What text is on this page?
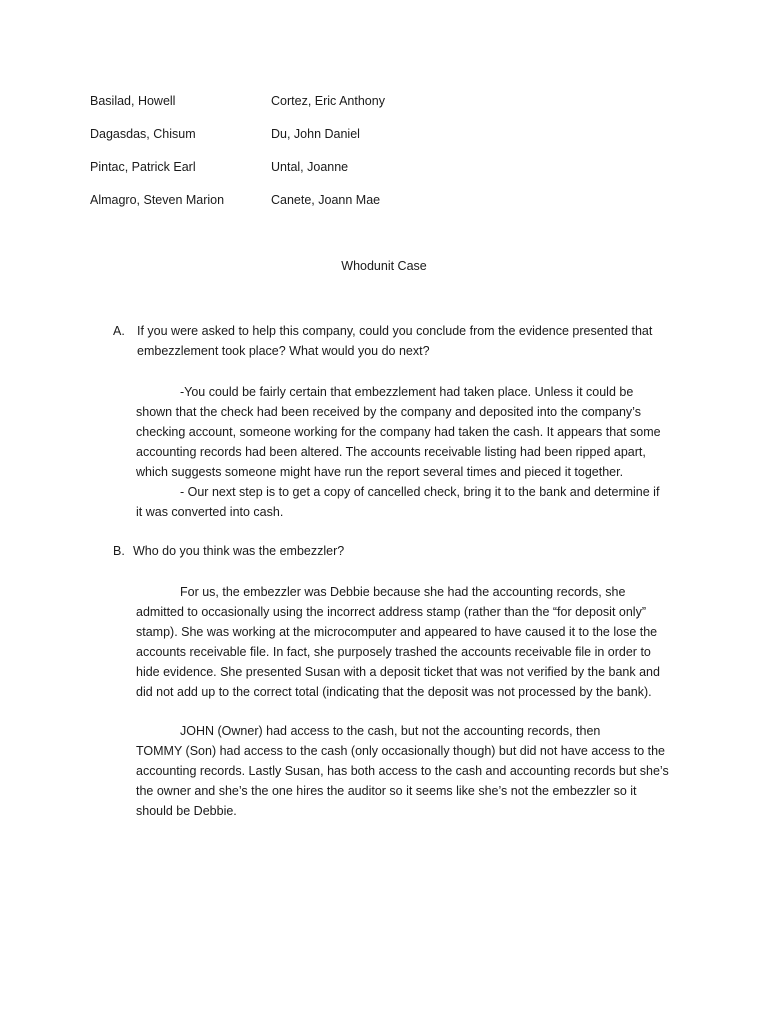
Basilad, Howell	Cortez, Eric Anthony
Dagasdas, Chisum	Du, John Daniel
Pintac, Patrick Earl	Untal, Joanne
Almagro, Steven Marion	Canete, Joann Mae
Whodunit Case
A. If you were asked to help this company, could you conclude from the evidence presented that
embezzlement took place? What would you do next?
-You could be fairly certain that embezzlement had taken place. Unless it could be
shown that the check had been received by the company and deposited into the company’s
checking account, someone working for the company had taken the cash. It appears that some
accounting records had been altered. The accounts receivable listing had been ripped apart,
which suggests someone might have run the report several times and pieced it together.
- Our next step is to get a copy of cancelled check, bring it to the bank and determine if
it was converted into cash.
B. Who do you think was the embezzler?
For us, the embezzler was Debbie because she had the accounting records, she
admitted to occasionally using the incorrect address stamp (rather than the “for deposit only”
stamp). She was working at the microcomputer and appeared to have caused it to the lose the
accounts receivable file. In fact, she purposely trashed the accounts receivable file in order to
hide evidence. She presented Susan with a deposit ticket that was not verified by the bank and
did not add up to the correct total (indicating that the deposit was not processed by the bank).
JOHN (Owner) had access to the cash, but not the accounting records, then
TOMMY (Son) had access to the cash (only occasionally though) but did not have access to the
accounting records. Lastly Susan, has both access to the cash and accounting records but she’s
the owner and she’s the one hires the auditor so it seems like she’s not the embezzler so it
should be Debbie.
